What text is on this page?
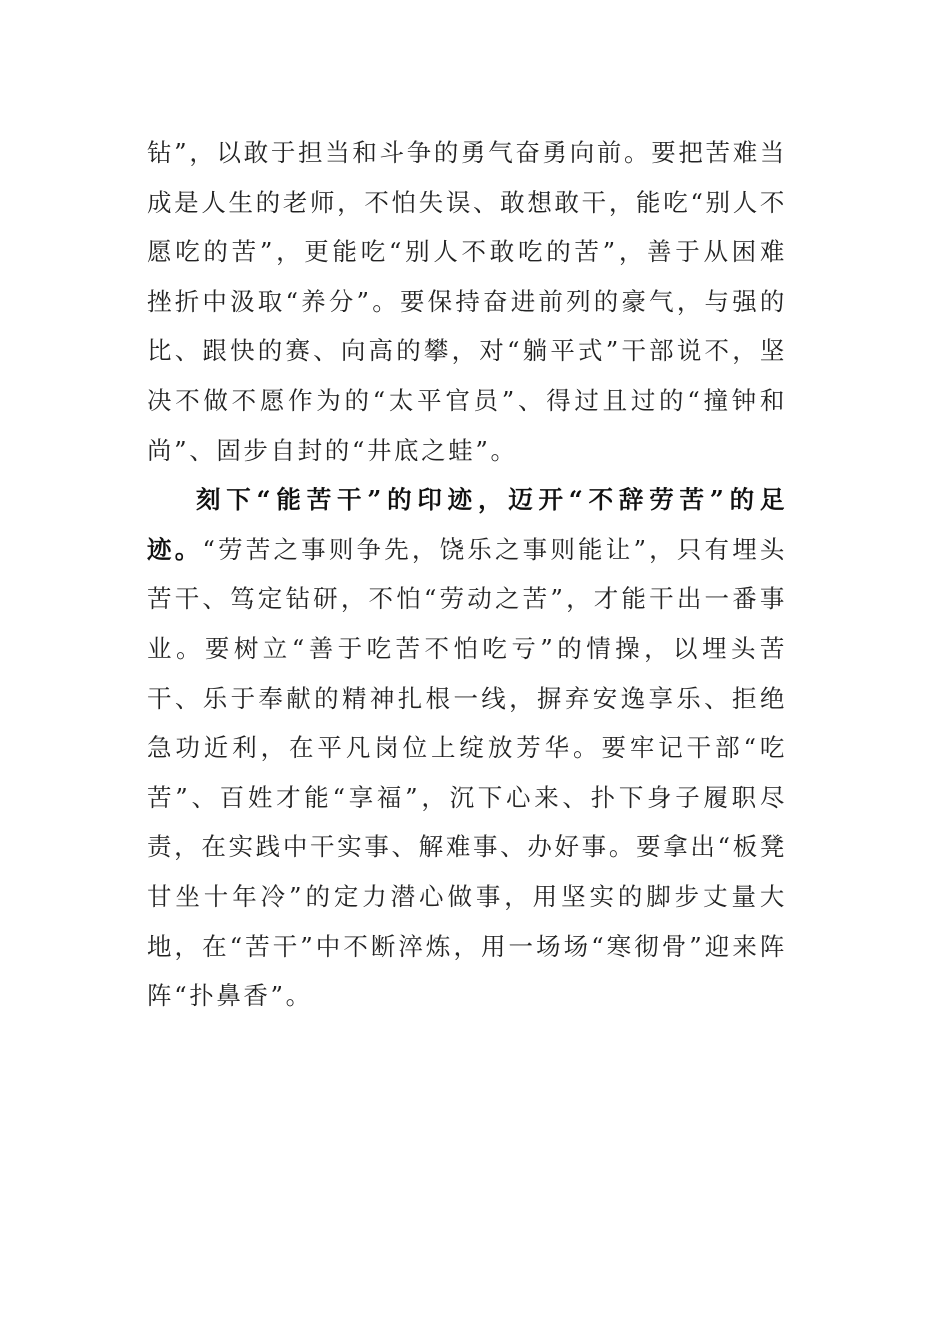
钻”，以敢于担当和斗争的勇气奋勇向前。要把苦难当成是人生的老师，不怕失误、敢想敢干，能吃“别人不愿吃的苦”，更能吃“别人不敢吃的苦”，善于从困难挫折中汲取“养分”。要保持奋进前列的豪气，与强的比、跟快的赛、向高的攀，对“躺平式”干部说不，坚决不做不愿作为的“太平官员”、得过且过的“撞钟和尚”、固步自封的“井底之蛙”。

刻下“能苦干”的印迹，迈开“不辞劳苦”的足迹。“劳苦之事则争先，饶乐之事则能让”，只有埋头苦干、笃定钻研，不怕“劳动之苦”，才能干出一番事业。要树立“善于吃苦不怕吃亏”的情操，以埋头苦干、乐于奉献的精神扎根一线，摒弃安逸享乐、拒绝急功近利，在平凡岗位上绽放芳华。要牢记干部“吃苦”、百姓才能“享福”，沉下心来、扑下身子履职尽责，在实践中干实事、解难事、办好事。要拿出“板凳甘坐十年冷”的定力潜心做事，用坚实的脚步丈量大地，在“苦干”中不断淬炼，用一场场“寒彻骨”迎来阵阵“扑鼻香”。
